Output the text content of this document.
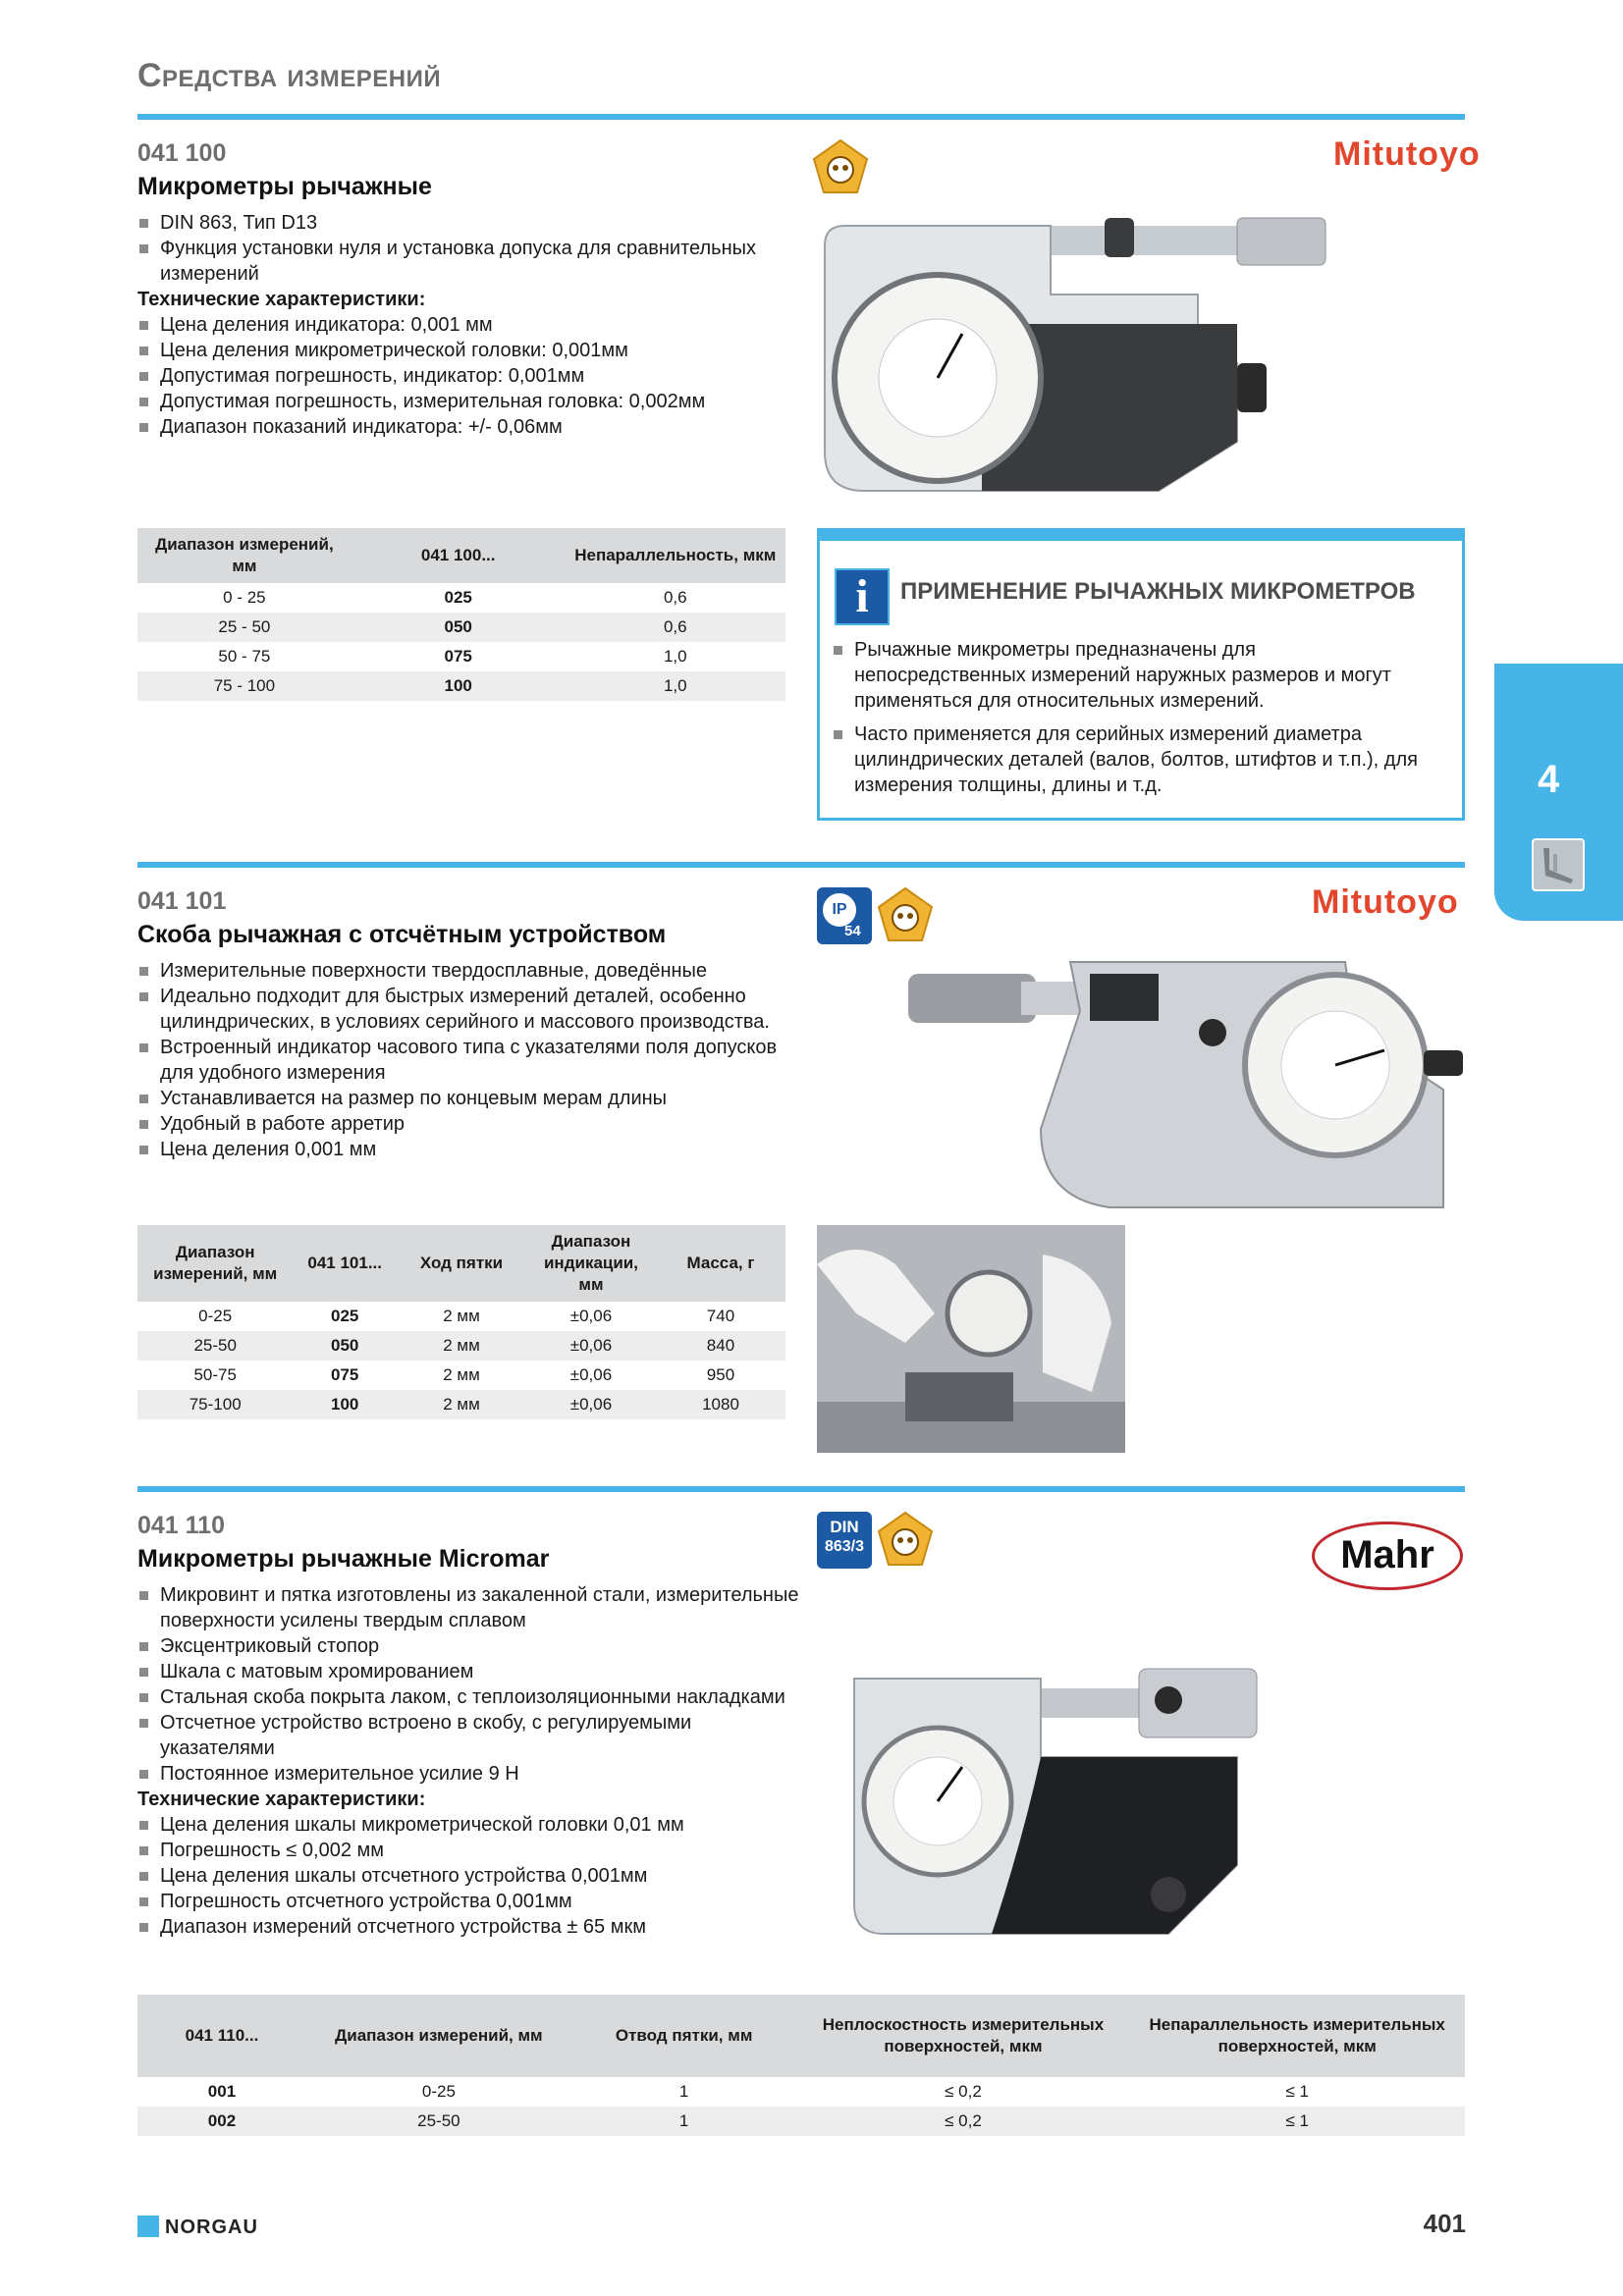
Средства измерений
4
041 100
Микрометры рычажные
DIN 863, Тип D13
Функция установки нуля и установка допуска для сравнительных измерений
Технические характеристики:
Цена деления индикатора: 0,001 мм
Цена деления микрометрической головки: 0,001мм
Допустимая погрешность, индикатор: 0,001мм
Допустимая погрешность, измерительная головка: 0,002мм
Диапазон показаний индикатора: +/- 0,06мм
Mitutoyo
Диапазон измерений, мм	041 100...	Непараллельность, мкм
0 - 25	025	0,6
25 - 50	050	0,6
50 - 75	075	1,0
75 - 100	100	1,0
i	ПРИМЕНЕНИЕ РЫЧАЖНЫХ МИКРОМЕТРОВ
Рычажные микрометры предназначены для непосредственных измерений наружных размеров и могут применяться для относительных измерений.
Часто применяется для серийных измерений диаметра цилиндрических деталей (валов, болтов, штифтов и т.п.), для измерения толщины, длины и т.д.
041 101
Скоба рычажная с отсчётным устройством
Измерительные поверхности твердосплавные, доведённые
Идеально подходит для быстрых измерений деталей, особенно цилиндрических, в условиях серийного и массового производства.
Встроенный индикатор часового типа с указателями поля допусков для удобного измерения
Устанавливается на размер по концевым мерам длины
Удобный в работе арретир
Цена деления 0,001 мм
IP
54
Mitutoyo
Диапазон измерений, мм	041 101...	Ход пятки	Диапазон индикации, мм	Масса, г
0-25	025	2 мм	±0,06	740
25-50	050	2 мм	±0,06	840
50-75	075	2 мм	±0,06	950
75-100	100	2 мм	±0,06	1080
041 110
Микрометры рычажные Micromar
Микровинт и пятка изготовлены из закаленной стали, измерительные поверхности усилены твердым сплавом
Эксцентриковый стопор
Шкала с матовым хромированием
Стальная скоба покрыта лаком, с теплоизоляционными накладками
Отсчетное устройство встроено в скобу, с регулируемыми указателями
Постоянное измерительное усилие 9 Н
Технические характеристики:
Цена деления шкалы микрометрической головки 0,01 мм
Погрешность ≤ 0,002 мм
Цена деления шкалы отсчетного устройства 0,001мм
Погрешность отсчетного устройства 0,001мм
Диапазон измерений отсчетного устройства ± 65 мкм
DIN
863/3	Mahr
041 110...	Диапазон измерений, мм	Отвод пятки, мм	Неплоскостность измерительных поверхностей, мкм	Непараллельность измерительных поверхностей, мкм
001	0-25	1	≤ 0,2	≤ 1
002	25-50	1	≤ 0,2	≤ 1
NORGAU	401
